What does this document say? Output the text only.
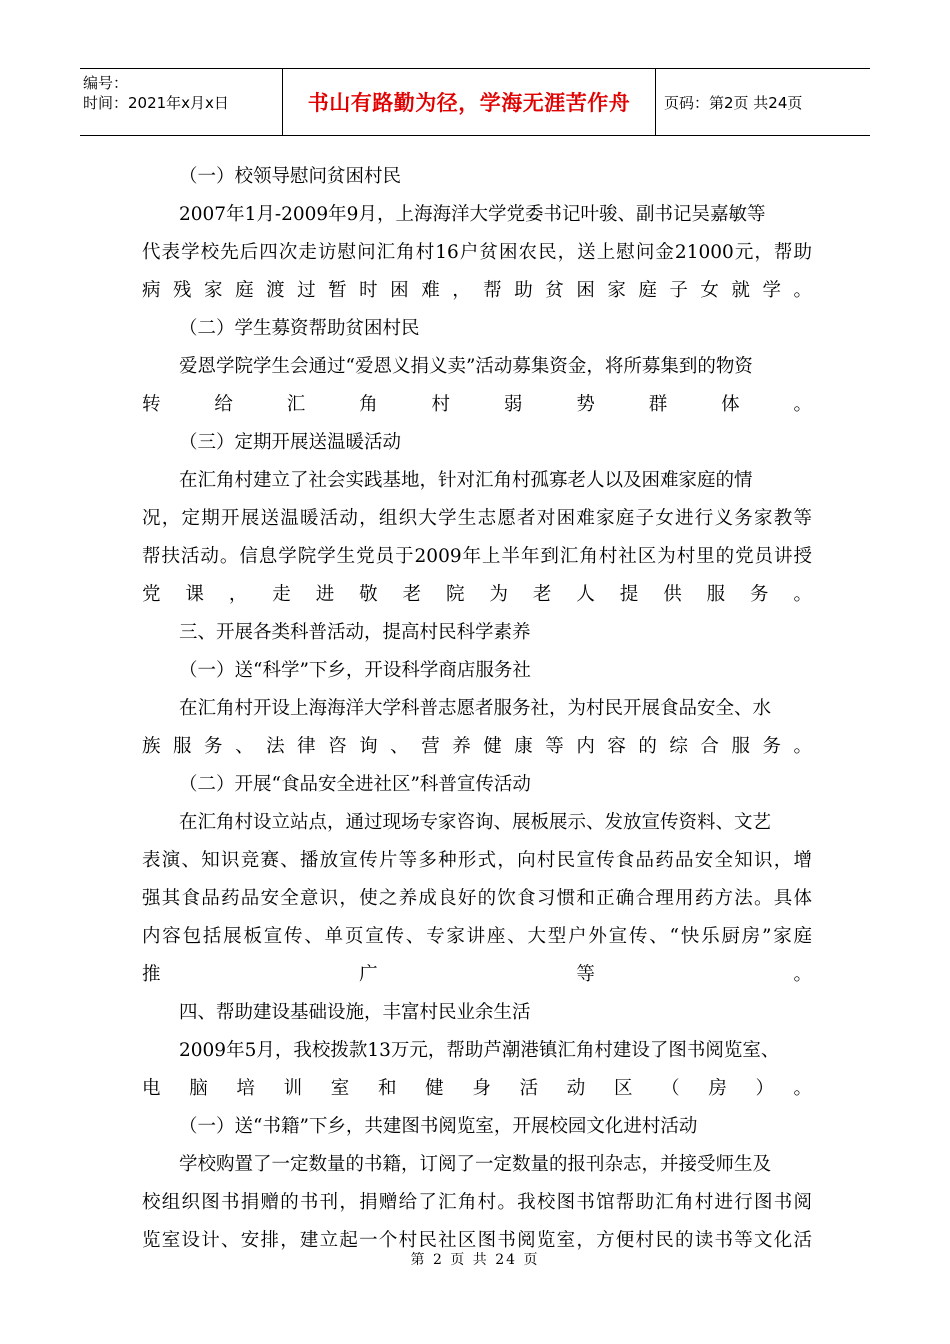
编号：
时间：2021年x月x日	书山有路勤为径，学海无涯苦作舟 页码：第2页 共24页

（一）校领导慰问贫困村民

2007年1月-2009年9月，上海海洋大学党委书记叶骏、副书记吴嘉敏等

代表学校先后四次走访慰问汇角村16户贫困农民，送上慰问金21000元，帮助

病残家庭渡过暂时困难，帮助贫困家庭子女就学。

（二）学生募资帮助贫困村民

爱恩学院学生会通过“爱恩义捐义卖”活动募集资金，将所募集到的物资

转给汇角村弱势群体。

（三）定期开展送温暖活动

在汇角村建立了社会实践基地，针对汇角村孤寡老人以及困难家庭的情

况，定期开展送温暖活动，组织大学生志愿者对困难家庭子女进行义务家教等

帮扶活动。信息学院学生党员于2009年上半年到汇角村社区为村里的党员讲授

党课，走进敬老院为老人提供服务。

三、开展各类科普活动，提高村民科学素养

（一）送“科学”下乡，开设科学商店服务社

在汇角村开设上海海洋大学科普志愿者服务社，为村民开展食品安全、水

族服务、法律咨询、营养健康等内容的综合服务。

（二）开展“食品安全进社区”科普宣传活动

在汇角村设立站点，通过现场专家咨询、展板展示、发放宣传资料、文艺

表演、知识竞赛、播放宣传片等多种形式，向村民宣传食品药品安全知识，增

强其食品药品安全意识，使之养成良好的饮食习惯和正确合理用药方法。具体

内容包括展板宣传、单页宣传、专家讲座、大型户外宣传、“快乐厨房”家庭

推广等。

四、帮助建设基础设施，丰富村民业余生活

2009年5月，我校拨款13万元，帮助芦潮港镇汇角村建设了图书阅览室、

电脑培训室和健身活动区（房）。

（一）送“书籍”下乡，共建图书阅览室，开展校园文化进村活动

学校购置了一定数量的书籍，订阅了一定数量的报刊杂志，并接受师生及

校组织图书捐赠的书刊，捐赠给了汇角村。我校图书馆帮助汇角村进行图书阅

览室设计、安排，建立起一个村民社区图书阅览室，方便村民的读书等文化活

第 2 页 共 24 页
